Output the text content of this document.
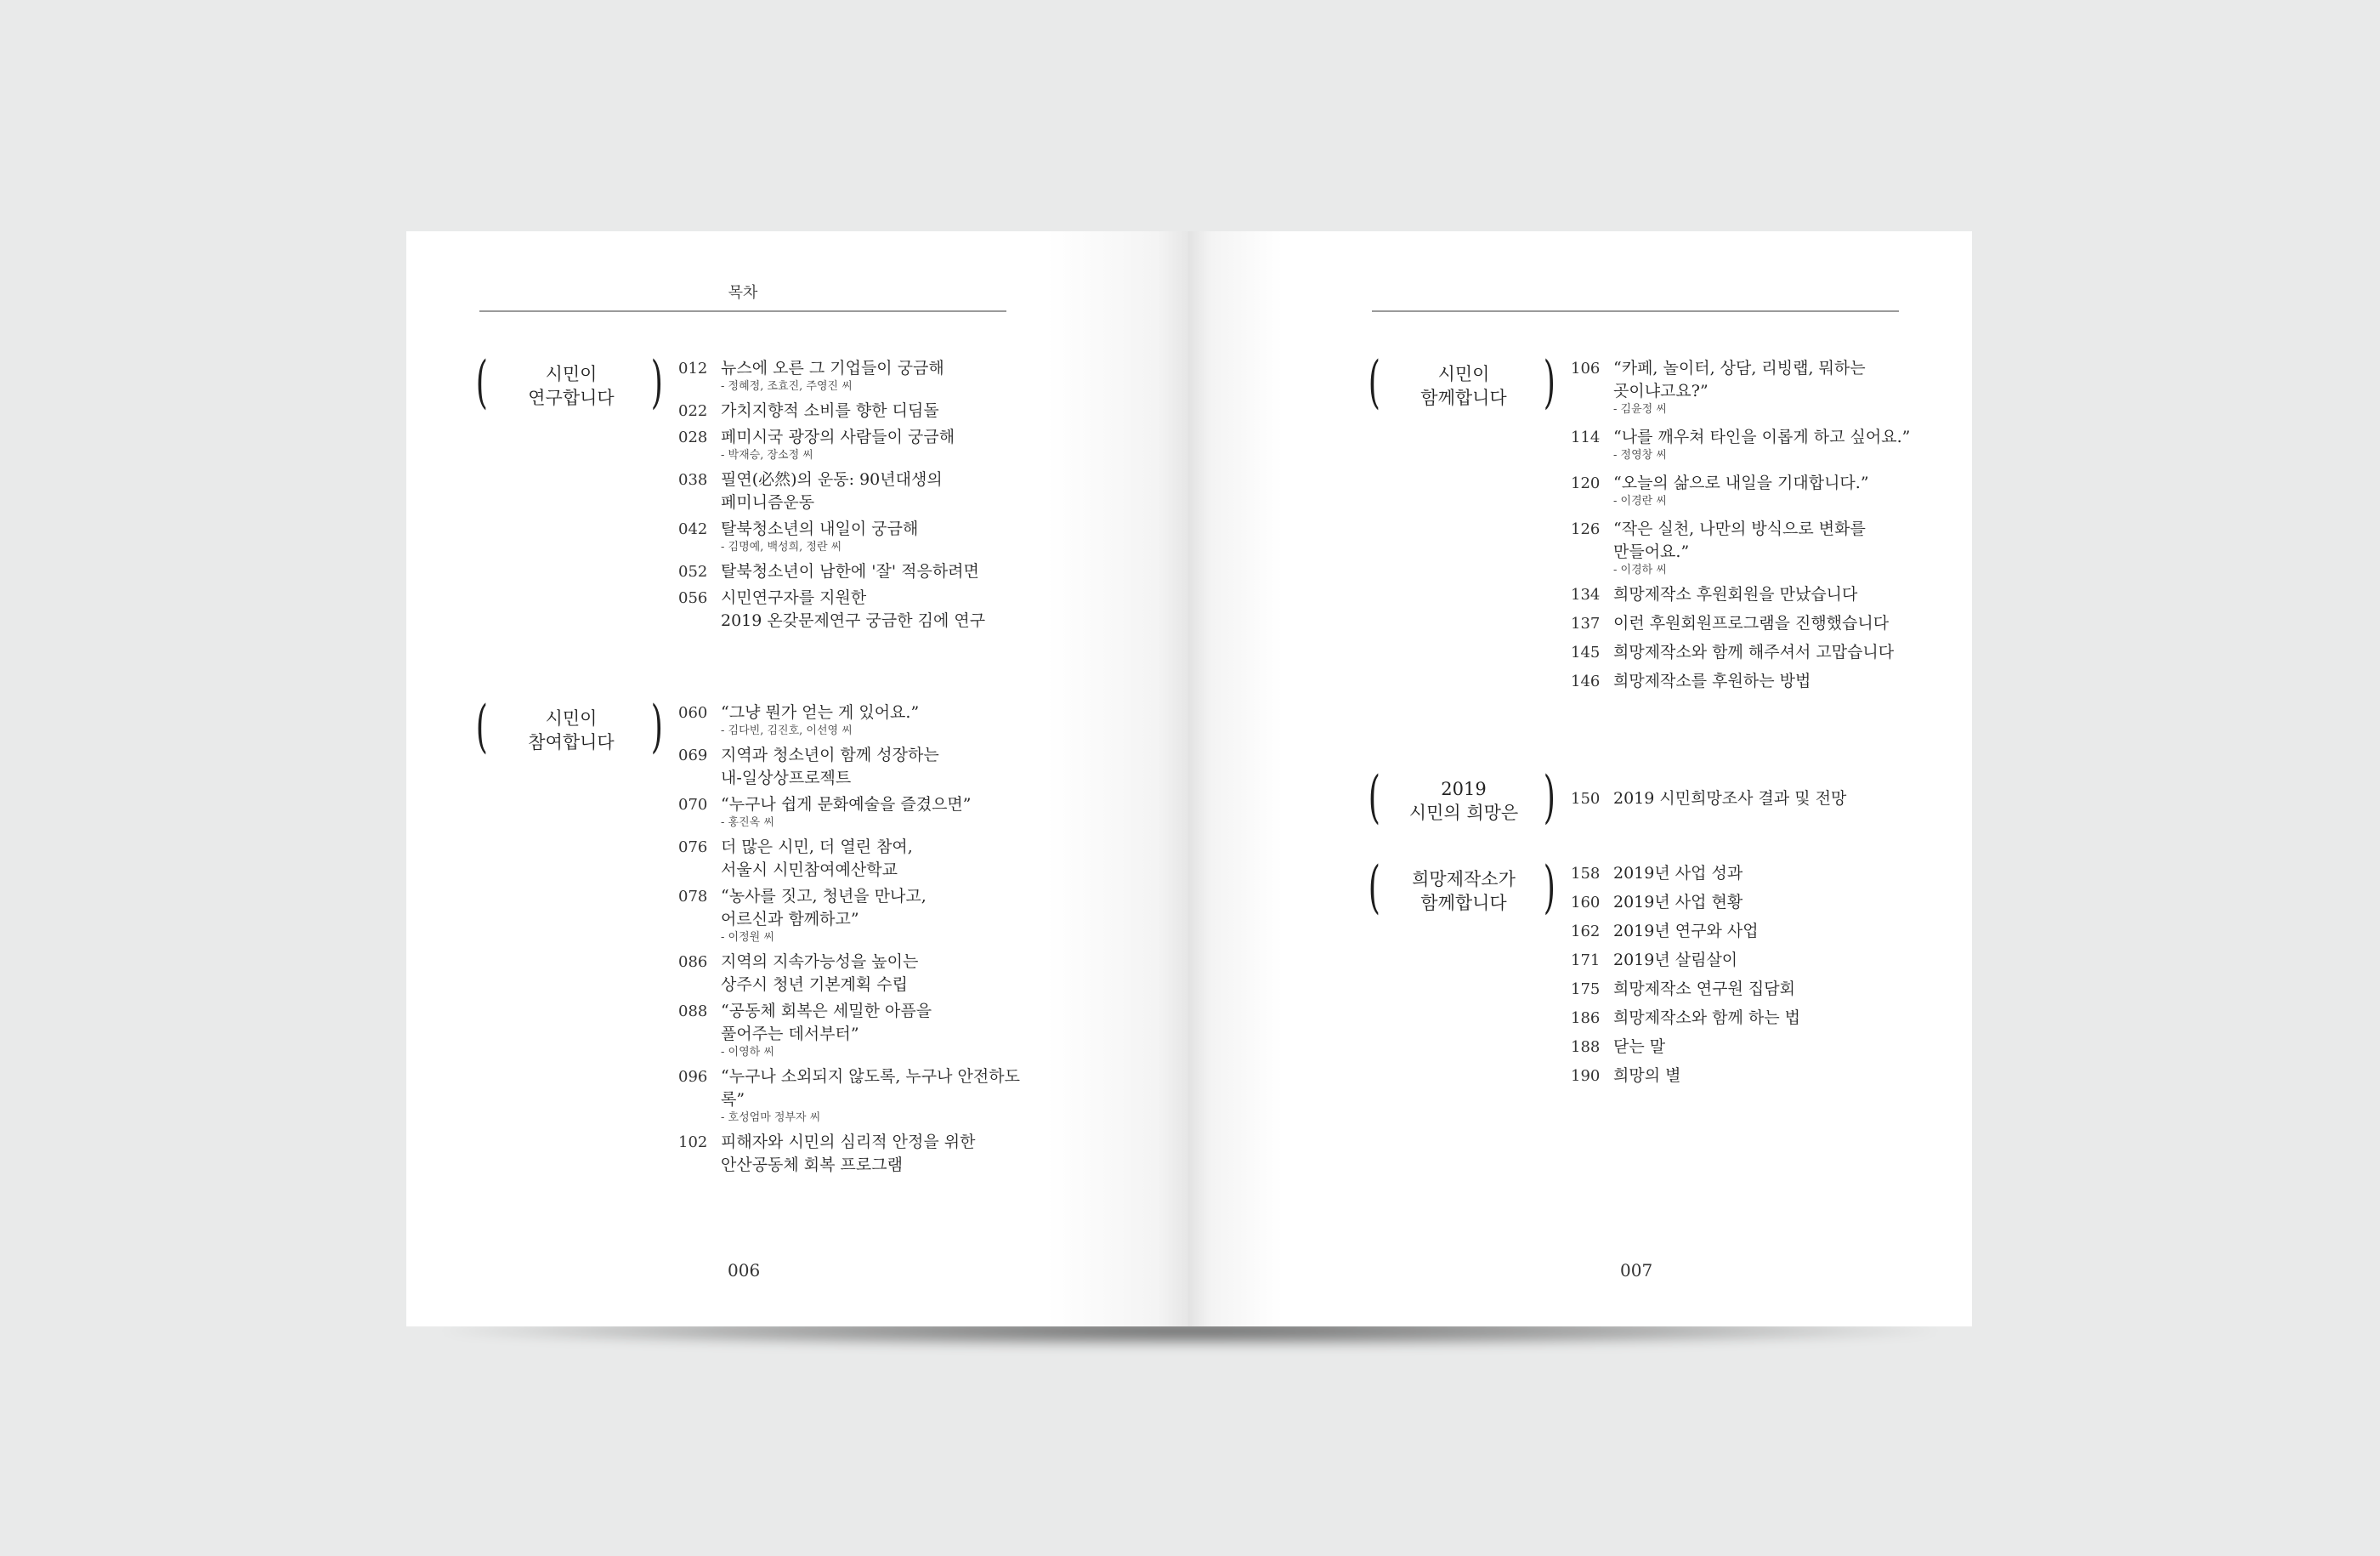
목차
(	시민이
연구합니다 ) 012 뉴스에 오른 그 기업들이 궁금해
- 정혜정, 조효진, 주영진 씨
022 가치지향적 소비를 향한 디딤돌
028 페미시국 광장의 사람들이 궁금해
- 박재승, 장소정 씨
038 필연(必然)의 운동: 90년대생의
페미니즘운동
042 탈북청소년의 내일이 궁금해
- 김명예, 백성희, 정란 씨
052 탈북청소년이 남한에 '잘' 적응하려면
056 시민연구자를 지원한
2019 온갖문제연구 궁금한 김에 연구
(	시민이
참여합니다 ) 060 “그냥 뭔가 얻는 게 있어요.”
- 김다빈, 김진호, 이선영 씨
069 지역과 청소년이 함께 성장하는
내-일상상프로젝트
070 “누구나 쉽게 문화예술을 즐겼으면”
- 홍진옥 씨
076 더 많은 시민, 더 열린 참여,
서울시 시민참여예산학교
078 “농사를 짓고, 청년을 만나고,
어르신과 함께하고”
- 이정원 씨
086 지역의 지속가능성을 높이는
상주시 청년 기본계획 수립
088 “공동체 회복은 세밀한 아픔을
풀어주는 데서부터”
- 이영하 씨
096 “누구나 소외되지 않도록, 누구나 안전하도록”
- 호성엄마 정부자 씨
102 피해자와 시민의 심리적 안정을 위한
안산공동체 회복 프로그램
006
(	시민이
함께합니다 ) 106 “카페, 놀이터, 상담, 리빙랩, 뭐하는
곳이냐고요?”
- 김윤정 씨
114 “나를 깨우쳐 타인을 이롭게 하고 싶어요.”
- 정영창 씨
120 “오늘의 삶으로 내일을 기대합니다.”
- 이경란 씨
126 “작은 실천, 나만의 방식으로 변화를
만들어요.”
- 이경하 씨
134 희망제작소 후원회원을 만났습니다
137 이런 후원회원프로그램을 진행했습니다
145 희망제작소와 함께 해주셔서 고맙습니다
146 희망제작소를 후원하는 방법
(	2019
시민의 희망은 ) 150 2019 시민희망조사 결과 및 전망
(	희망제작소가
함께합니다 ) 158 2019년 사업 성과
160 2019년 사업 현황
162 2019년 연구와 사업
171 2019년 살림살이
175 희망제작소 연구원 집담회
186 희망제작소와 함께 하는 법
188 닫는 말
190 희망의 별
007
